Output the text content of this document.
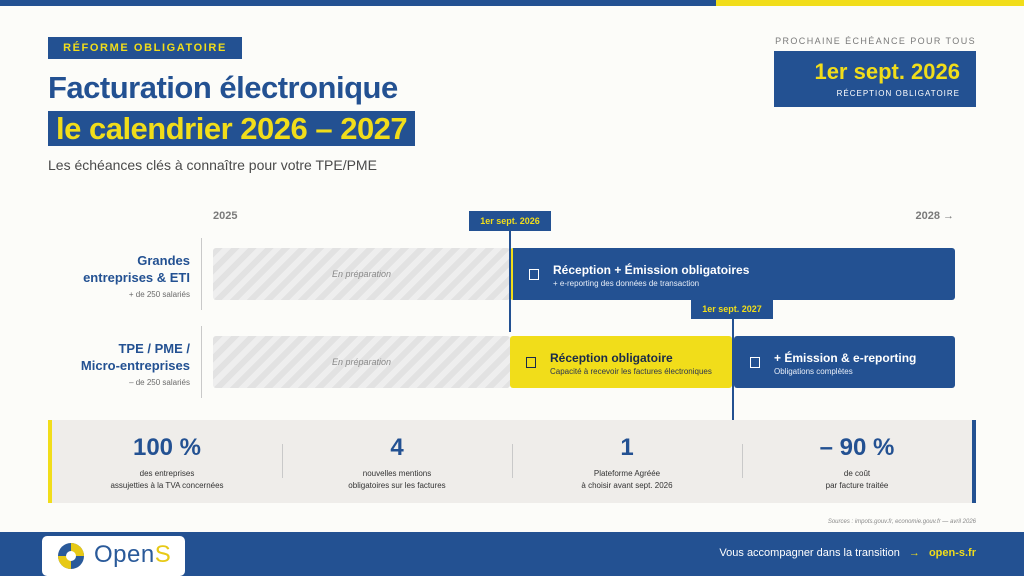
RÉFORME OBLIGATOIRE
Facturation électronique
le calendrier 2026 – 2027
Les échéances clés à connaître pour votre TPE/PME
PROCHAINE ÉCHÉANCE POUR TOUS
1er sept. 2026
RÉCEPTION OBLIGATOIRE
2025	2028 →
Grandes
entreprises & ETI
+ de 250 salariés
En préparation	Réception + Émission obligatoires
+ e-reporting des données de transaction
TPE / PME /
Micro-entreprises
– de 250 salariés
En préparation	Réception obligatoire
Capacité à recevoir les factures électroniques
+ Émission & e-reporting
Obligations complètes
1er sept. 2026
1er sept. 2027
100 %
des entreprises
assujetties à la TVA concernées
4
nouvelles mentions
obligatoires sur les factures
1
Plateforme Agréée
à choisir avant sept. 2026
– 90 %
de coût
par facture traitée
Sources : impots.gouv.fr, economie.gouv.fr — avril 2026
OpenS	Vous accompagner dans la transition → open-s.fr
